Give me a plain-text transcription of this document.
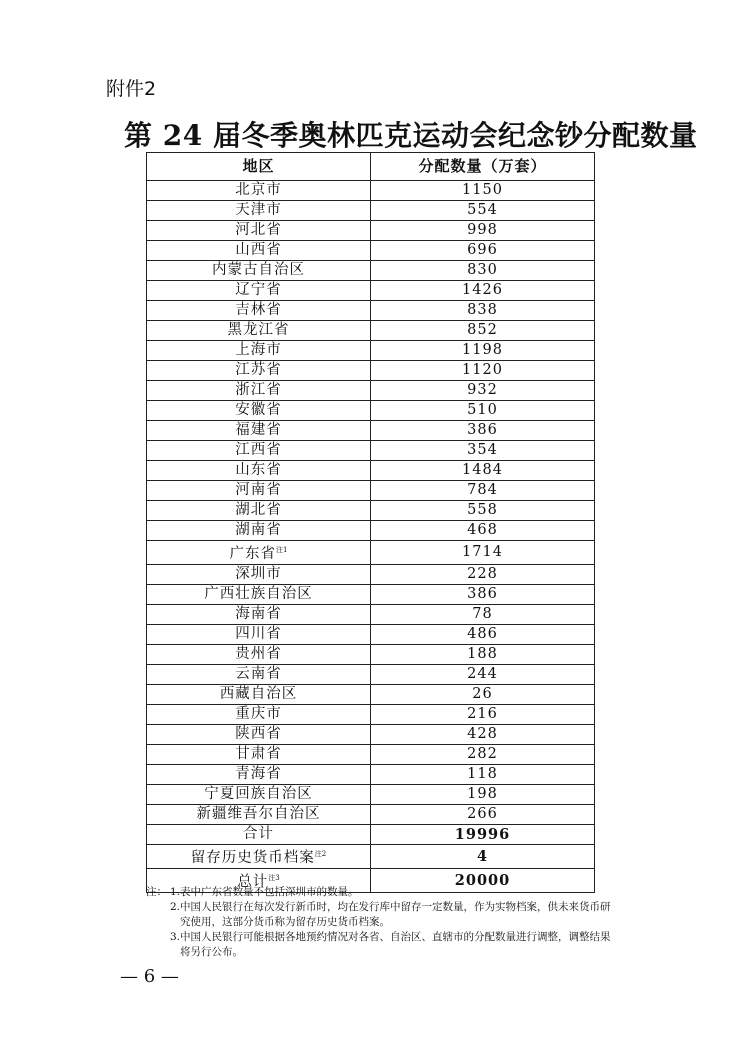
附件2
第 24 届冬季奥林匹克运动会纪念钞分配数量
地区	分配数量（万套）
北京市	1150
天津市	554
河北省	998
山西省	696
内蒙古自治区	830
辽宁省	1426
吉林省	838
黑龙江省	852
上海市	1198
江苏省	1120
浙江省	932
安徽省	510
福建省	386
江西省	354
山东省	1484
河南省	784
湖北省	558
湖南省	468
广东省$^{注1}$	1714
深圳市	228
广西壮族自治区	386
海南省	78
四川省	486
贵州省	188
云南省	244
西藏自治区	26
重庆市	216
陕西省	428
甘肃省	282
青海省	118
宁夏回族自治区	198
新疆维吾尔自治区	266
合计	19996
留存历史货币档案$^{注2}$	4
总计$^{注3}$	20000
注： 1. 表中广东省数量不包括深圳市的数量。
2. 中国人民银行在每次发行新币时，均在发行库中留存一定数量，作为实物档案，供未来货币研究使用，这部分货币称为留存历史货币档案。
3. 中国人民银行可能根据各地预约情况对各省、自治区、直辖市的分配数量进行调整，调整结果将另行公布。
— 6 —
